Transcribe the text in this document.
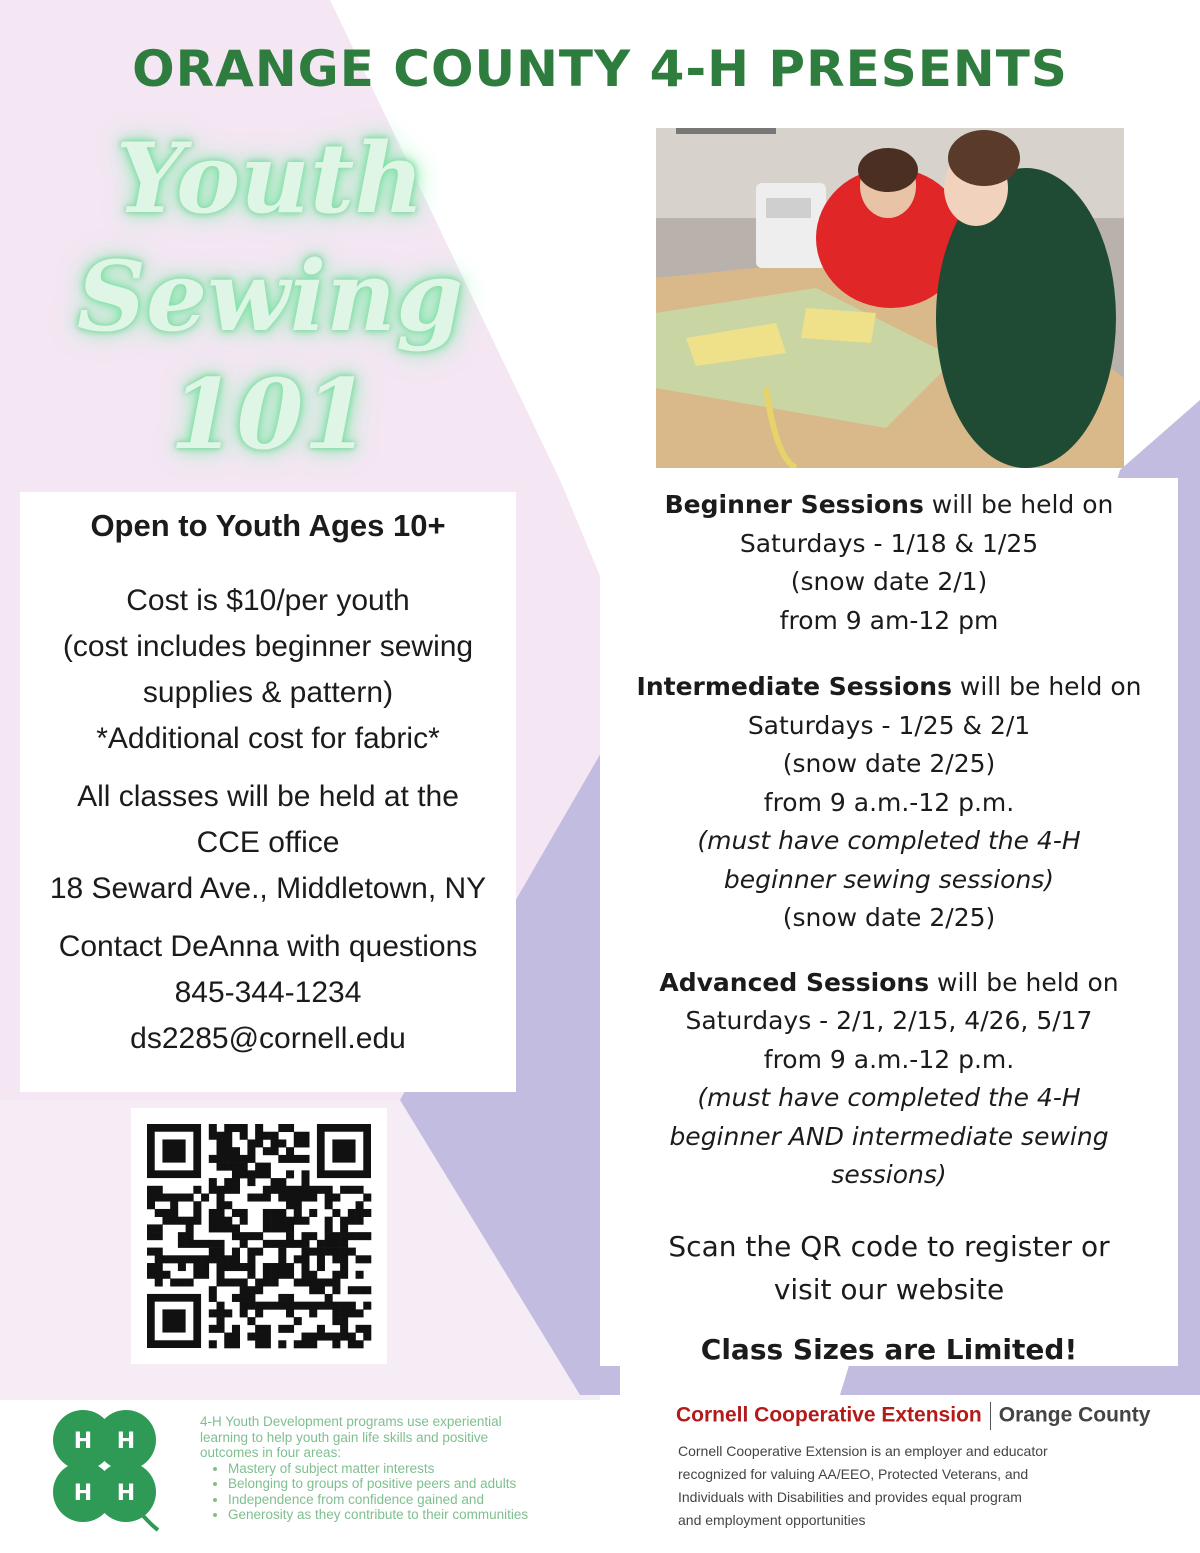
ORANGE COUNTY 4-H PRESENTS
Youth
Sewing
101
Open to Youth Ages 10+

Cost is $10/per youth

(cost includes beginner sewing

supplies & pattern)

*Additional cost for fabric*

All classes will be held at the

CCE office

18 Seward Ave., Middletown, NY

Contact DeAnna with questions

845-344-1234

ds2285@cornell.edu

Beginner Sessions will be held on
Saturdays - 1/18 & 1/25
(snow date 2/1)
from 9 am-12 pm
Intermediate Sessions will be held on
Saturdays - 1/25 & 2/1
(snow date 2/25)
from 9 a.m.-12 p.m.
(must have completed the 4-H
beginner sewing sessions)
(snow date 2/25)
Advanced Sessions will be held on
Saturdays - 2/1, 2/15, 4/26, 5/17
from 9 a.m.-12 p.m.
(must have completed the 4-H
beginner AND intermediate sewing
sessions)
Scan the QR code to register or
visit our website
Class Sizes are Limited!
H H
H H
4-H Youth Development programs use experiential
learning to help youth gain life skills and positive
outcomes in four areas:
• Mastery of subject matter interests
• Belonging to groups of positive peers and adults
• Independence from confidence gained and
• Generosity as they contribute to their communities
Cornell Cooperative Extension Orange County
Cornell Cooperative Extension is an employer and educator
recognized for valuing AA/EEO, Protected Veterans, and
Individuals with Disabilities and provides equal program
and employment opportunities
